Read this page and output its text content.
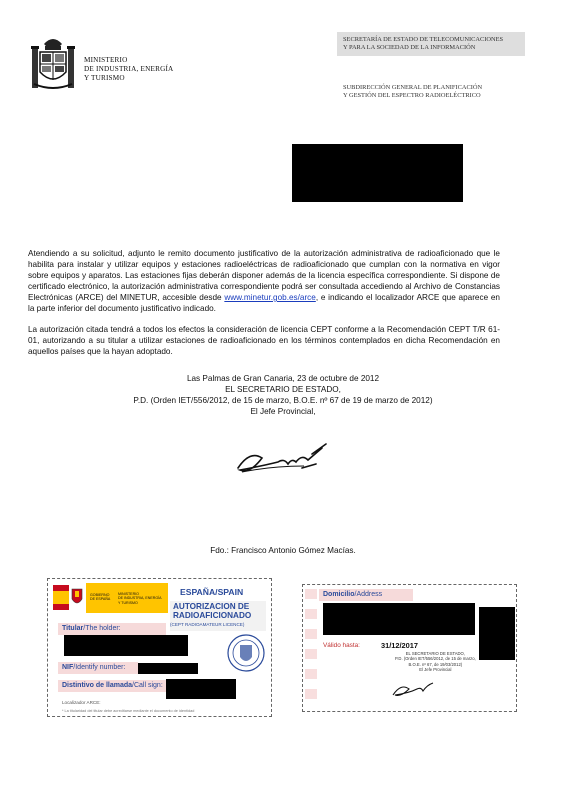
MINISTERIO
DE INDUSTRIA, ENERGÍA
Y TURISMO
SECRETARÍA DE ESTADO DE TELECOMUNICACIONES
Y PARA LA SOCIEDAD DE LA INFORMACIÓN
SUBDIRECCIÓN GENERAL DE PLANIFICACIÓN
Y GESTIÓN DEL ESPECTRO RADIOELÉCTRICO
Atendiendo a su solicitud, adjunto le remito documento justificativo de la autorización administrativa de radioaficionado que le habilita para instalar y utilizar equipos y estaciones radioeléctricas de radioaficionado que cumplan con la normativa en vigor sobre equipos y aparatos. Las estaciones fijas deberán disponer además de la licencia específica correspondiente. Si dispone de certificado electrónico, la autorización administrativa correspondiente podrá ser consultada accediendo al Archivo de Constancias Electrónicas (ARCE) del MINETUR, accesible desde www.minetur.gob.es/arce, e indicando el localizador ARCE que aparece en la parte inferior del documento justificativo indicado.
La autorización citada tendrá a todos los efectos la consideración de licencia CEPT conforme a la Recomendación CEPT T/R 61-01, autorizando a su titular a utilizar estaciones de radioaficionado en los términos contemplados en dicha Recomendación en aquellos países que la hayan adoptado.
Las Palmas de Gran Canaria, 23 de octubre de 2012
EL SECRETARIO DE ESTADO,
P.D. (Orden IET/556/2012, de 15 de marzo, B.O.E. nº 67 de 19 de marzo de 2012)
El Jefe Provincial,
Fdo.: Francisco Antonio Gómez Macías.
GOBIERNO
DE ESPAÑA
MINISTERIO
DE INDUSTRIA, ENERGÍA
Y TURISMO
ESPAÑA/SPAIN
AUTORIZACION DE
RADIOAFICIONADO
(CEPT RADIOAMATEUR LICENCE)
Titular/The holder:
NIF/Identify number:
Distintivo de llamada/Call sign:
Localizador ARCE:
* La titularidad del titular debe acreditarse mediante el documento de identidad
Domicilio/Address
Válido hasta:	31/12/2017
EL SECRETARIO DE ESTADO,
P.D. (Orden IET/556/2012, de 15 de marzo,
B.O.E. nº 67, de 19/03/2012)
El Jefe Provincial
